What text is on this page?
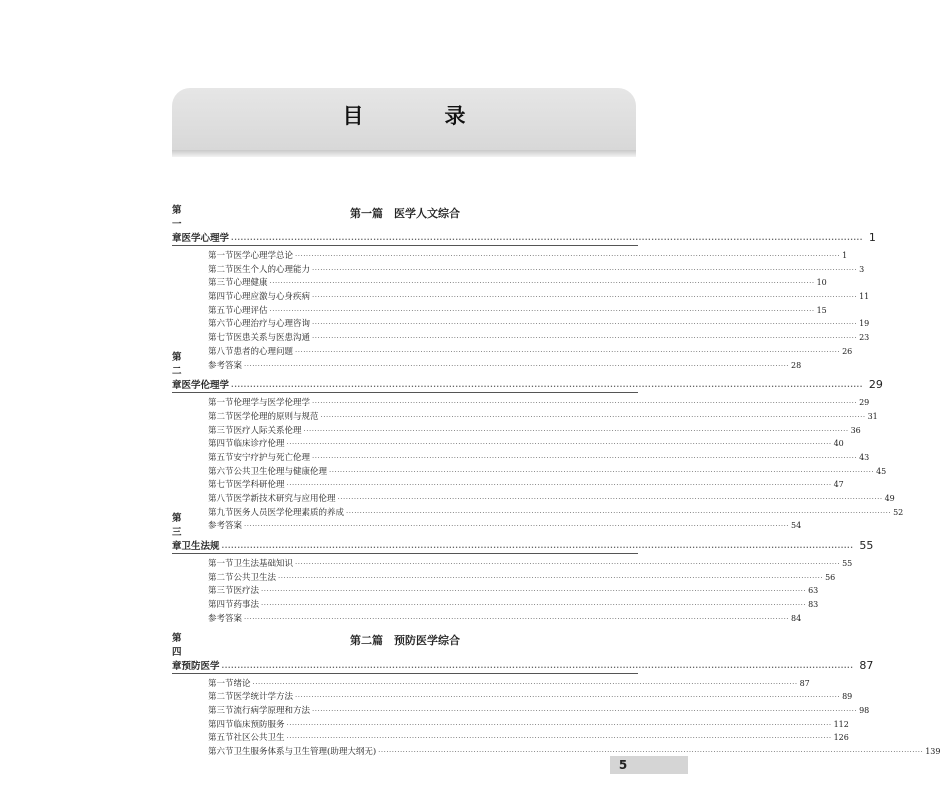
目　录
第一篇　医学人文综合
第一章 医学心理学 ········································································································································································································ 1
第一节 医学心理学总论 ········································································································································································································ 1
第二节 医生个人的心理能力 ········································································································································································································ 3
第三节 心理健康 ········································································································································································································ 10
第四节 心理应激与心身疾病 ········································································································································································································ 11
第五节 心理评估 ········································································································································································································ 15
第六节 心理治疗与心理咨询 ········································································································································································································ 19
第七节 医患关系与医患沟通 ········································································································································································································ 23
第八节 患者的心理问题 ········································································································································································································ 26
参考答案 ········································································································································································································ 28
第二章 医学伦理学 ········································································································································································································ 29
第一节 伦理学与医学伦理学 ········································································································································································································ 29
第二节 医学伦理的原则与规范 ········································································································································································································ 31
第三节 医疗人际关系伦理 ········································································································································································································ 36
第四节 临床诊疗伦理 ········································································································································································································ 40
第五节 安宁疗护与死亡伦理 ········································································································································································································ 43
第六节 公共卫生伦理与健康伦理 ········································································································································································································ 45
第七节 医学科研伦理 ········································································································································································································ 47
第八节 医学新技术研究与应用伦理 ········································································································································································································ 49
第九节 医务人员医学伦理素质的养成 ········································································································································································································ 52
参考答案 ········································································································································································································ 54
第三章 卫生法规 ········································································································································································································ 55
第一节 卫生法基础知识 ········································································································································································································ 55
第二节 公共卫生法 ········································································································································································································ 56
第三节 医疗法 ········································································································································································································ 63
第四节 药事法 ········································································································································································································ 83
参考答案 ········································································································································································································ 84
第二篇　预防医学综合
第四章 预防医学 ········································································································································································································ 87
第一节 绪论 ········································································································································································································ 87
第二节 医学统计学方法 ········································································································································································································ 89
第三节 流行病学原理和方法 ········································································································································································································ 98
第四节 临床预防服务 ········································································································································································································ 112
第五节 社区公共卫生 ········································································································································································································ 126
第六节 卫生服务体系与卫生管理(助理大纲无) ········································································································································································································ 139
5
